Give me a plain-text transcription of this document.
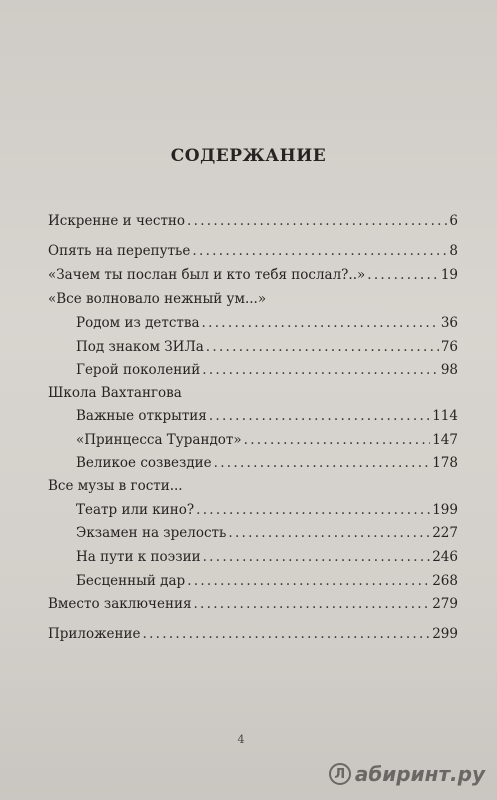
СОДЕРЖАНИЕ
Искренне и честно . . .	6
Опять на перепутье . . .	8
«Зачем ты послан был и кто тебя послал?..» . . .	19
«Все волновало нежный ум...»
Родом из детства . . .	36
Под знаком ЗИЛа . . .	76
Герой поколений . . .	98
Школа Вахтангова
Важные открытия . . .	114
«Принцесса Турандот» . . .	147
Великое созвездие . . .	178
Все музы в гости...
Театр или кино? . . .	199
Экзамен на зрелость . . .	227
На пути к поэзии . . .	246
Бесценный дар . . .	268
Вместо заключения . . .	279
Приложение . . .	299
4
Л абиринт.ру
